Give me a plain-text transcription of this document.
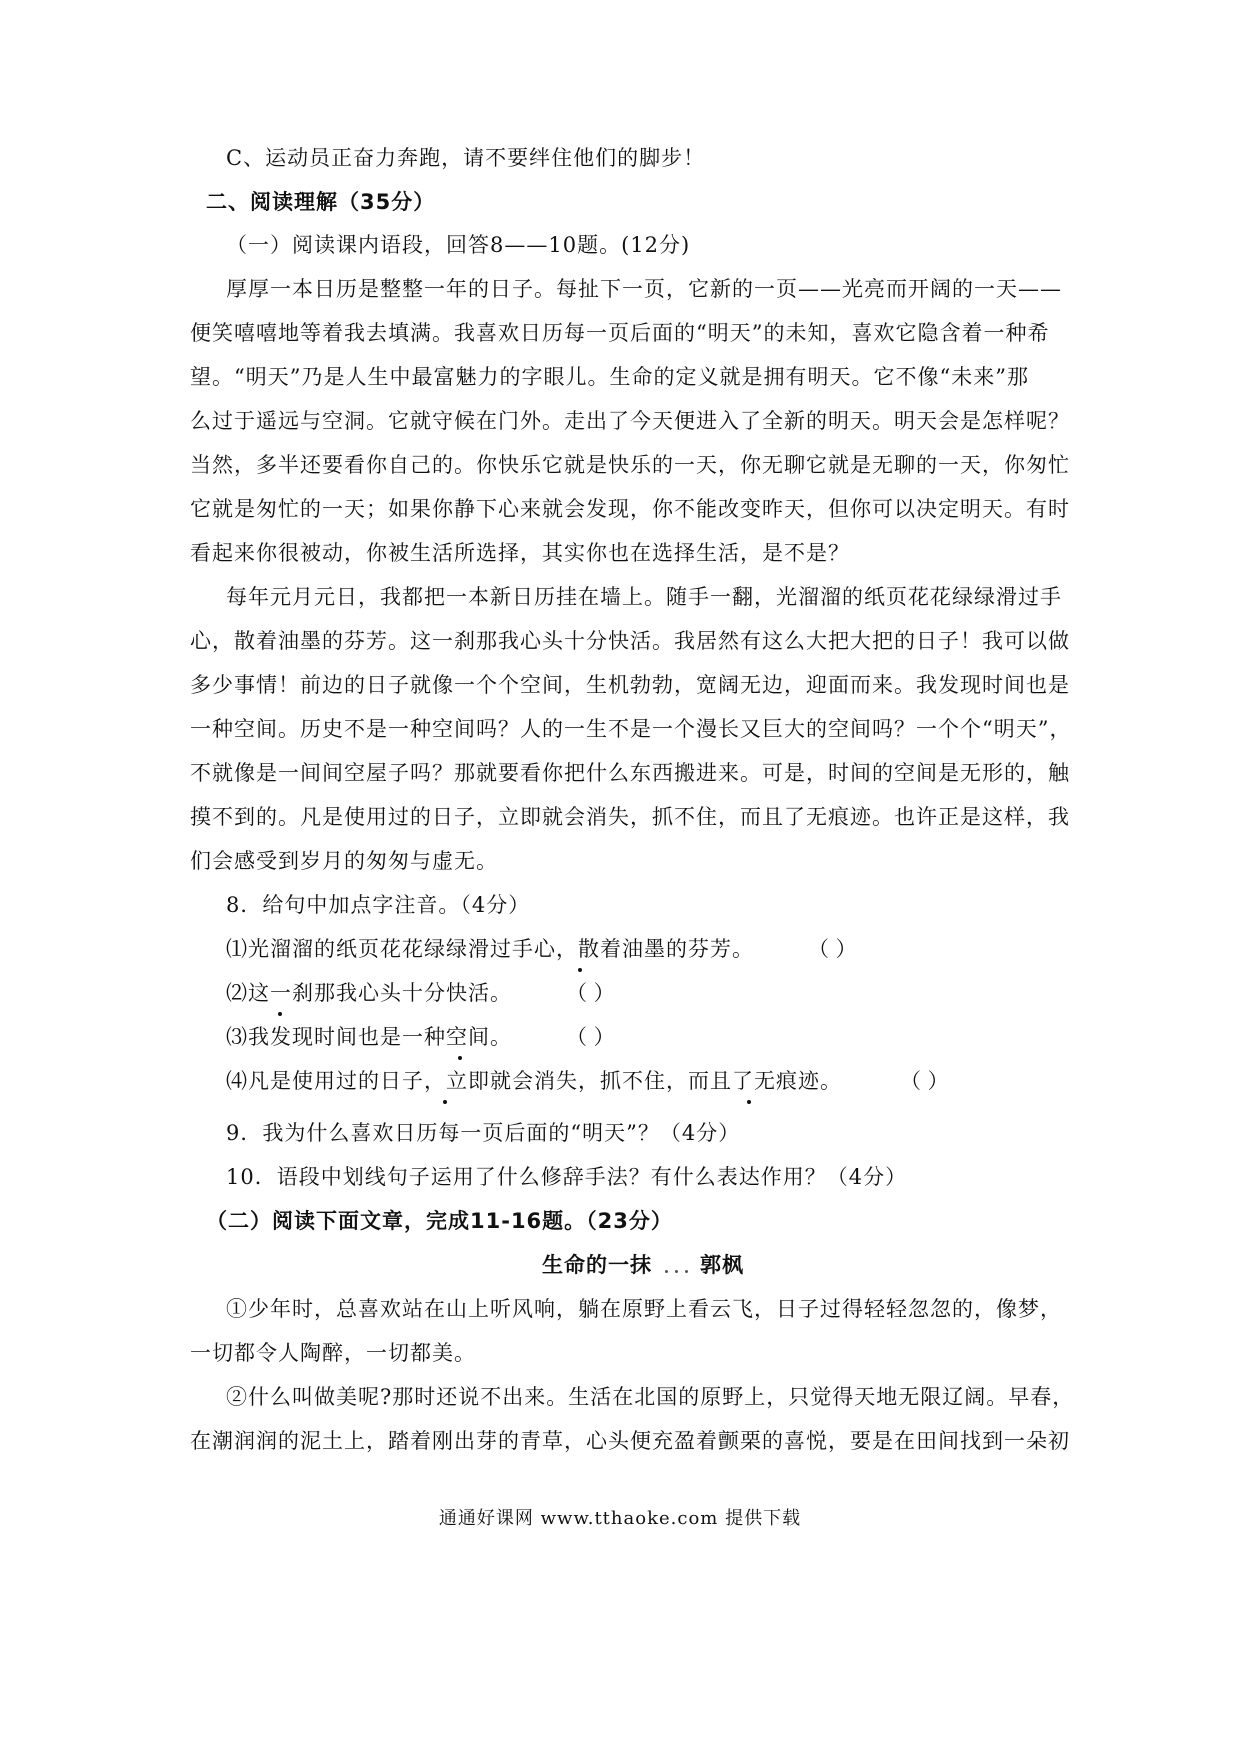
C、运动员正奋力奔跑，请不要绊住他们的脚步！
二、阅读理解（35分）
（一）阅读课内语段，回答8——10题。(12分)
厚厚一本日历是整整一年的日子。每扯下一页，它新的一页——光亮而开阔的一天——
便笑嘻嘻地等着我去填满。我喜欢日历每一页后面的“明天”的未知，喜欢它隐含着一种希
望。“明天”乃是人生中最富魅力的字眼儿。生命的定义就是拥有明天。它不像“未来”那
么过于遥远与空洞。它就守候在门外。走出了今天便进入了全新的明天。明天会是怎样呢？
当然，多半还要看你自己的。你快乐它就是快乐的一天，你无聊它就是无聊的一天，你匆忙
它就是匆忙的一天；如果你静下心来就会发现，你不能改变昨天，但你可以决定明天。有时
看起来你很被动，你被生活所选择，其实你也在选择生活，是不是？
每年元月元日，我都把一本新日历挂在墙上。随手一翻，光溜溜的纸页花花绿绿滑过手
心，散着油墨的芬芳。这一刹那我心头十分快活。我居然有这么大把大把的日子！我可以做
多少事情！前边的日子就像一个个空间，生机勃勃，宽阔无边，迎面而来。我发现时间也是
一种空间。历史不是一种空间吗？人的一生不是一个漫长又巨大的空间吗？一个个“明天”，
不就像是一间间空屋子吗？那就要看你把什么东西搬进来。可是，时间的空间是无形的，触
摸不到的。凡是使用过的日子，立即就会消失，抓不住，而且了无痕迹。也许正是这样，我
们会感受到岁月的匆匆与虚无。
8．给句中加点字注音。（4分）
⑴光溜溜的纸页花花绿绿滑过手心，散着油墨的芬芳。	（ ）
⑵这一刹那我心头十分快活。	（ ）
⑶我发现时间也是一种空间。	（ ）
⑷凡是使用过的日子，立即就会消失，抓不住，而且了无痕迹。	（ ）
9．我为什么喜欢日历每一页后面的“明天”？（4分）
10．语段中划线句子运用了什么修辞手法？有什么表达作用？（4分）
（二）阅读下面文章，完成11-16题。（23分）
生命的一抹 郭枫
①少年时，总喜欢站在山上听风响，躺在原野上看云飞，日子过得轻轻忽忽的，像梦，
一切都令人陶醉，一切都美。
②什么叫做美呢?那时还说不出来。生活在北国的原野上，只觉得天地无限辽阔。早春，
在潮润润的泥土上，踏着刚出芽的青草，心头便充盈着颤栗的喜悦，要是在田间找到一朵初
通通好课网 www.tthaoke.com 提供下载
